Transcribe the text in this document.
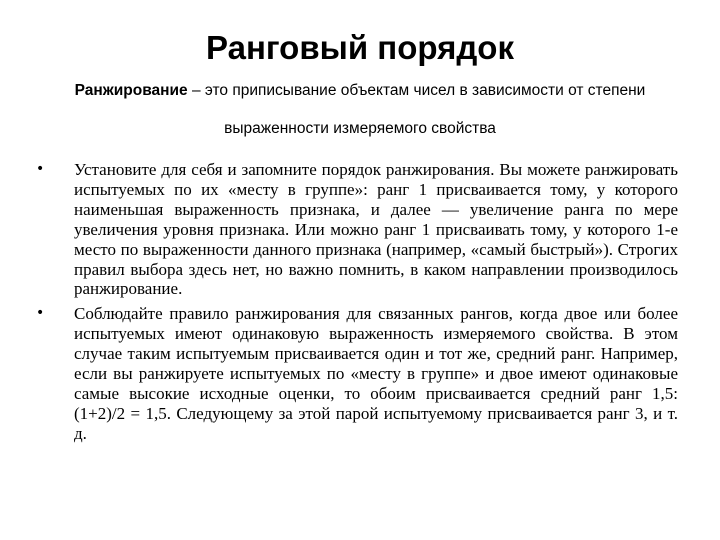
Ранговый порядок

Ранжирование – это приписывание объектам чисел в зависимости от степени выраженности измеряемого свойства

• Установите для себя и запомните порядок ранжирования. Вы можете ранжировать испытуемых по их «месту в группе»: ранг 1 присваивается тому, у которого наименьшая выраженность признака, и далее — увеличение ранга по мере увеличения уровня признака. Или можно ранг 1 присваивать тому, у которого 1-е место по выраженности данного признака (например, «самый быстрый»). Строгих правил выбора здесь нет, но важно помнить, в каком направлении производилось ранжирование.
• Соблюдайте правило ранжирования для связанных рангов, когда двое или более испытуемых имеют одинаковую выраженность измеряемого свойства. В этом случае таким испытуемым присваивается один и тот же, средний ранг. Например, если вы ранжируете испытуемых по «месту в группе» и двое имеют одинаковые самые высокие исходные оценки, то обоим присваивается средний ранг 1,5: (1+2)/2 = 1,5. Следующему за этой парой испытуемому присваивается ранг 3, и т. д.
